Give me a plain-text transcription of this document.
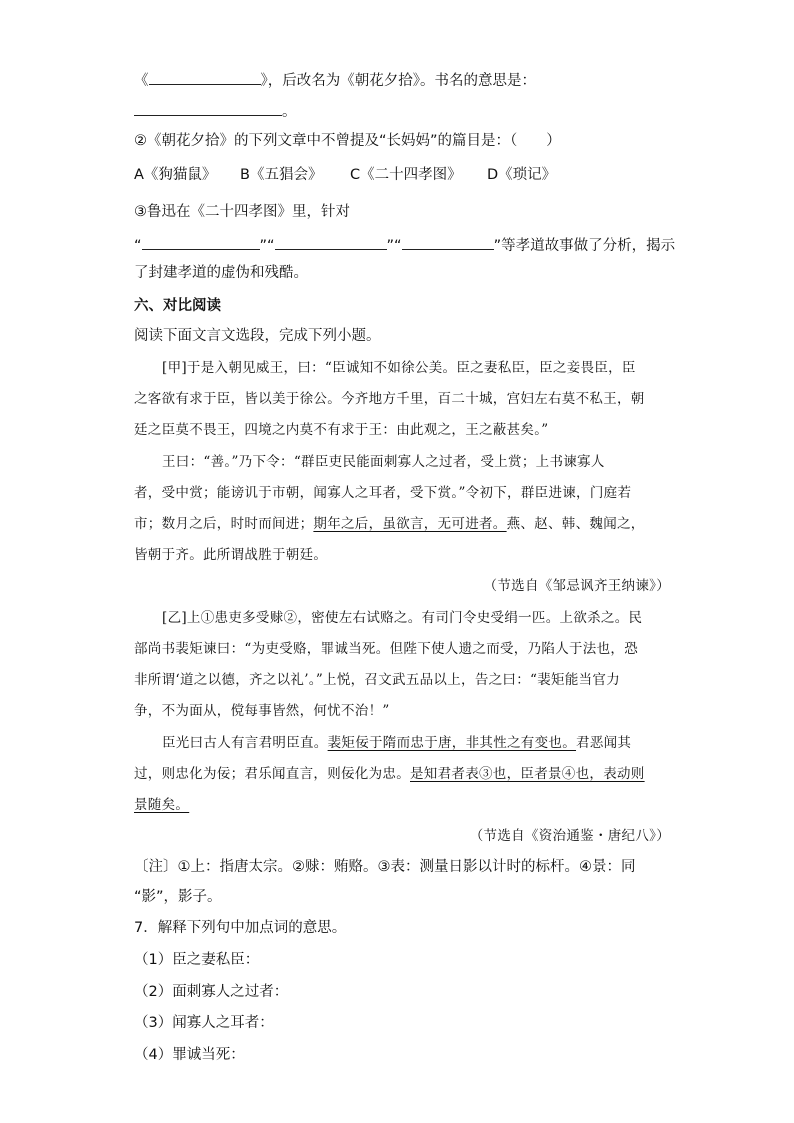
《	》，后改名为《朝花夕拾》。书名的意思是：
。
②《朝花夕拾》的下列文章中不曾提及“长妈妈”的篇目是：（　　）
A《狗猫鼠》 B《五猖会》 C《二十四孝图》 D《琐记》
③鲁迅在《二十四孝图》里，针对
“	”“	”“	”等孝道故事做了分析，揭示
了封建孝道的虚伪和残酷。
六、对比阅读
阅读下面文言文选段，完成下列小题。
[甲]于是入朝见威王，曰：“臣诚知不如徐公美。臣之妻私臣，臣之妾畏臣，臣
之客欲有求于臣，皆以美于徐公。今齐地方千里，百二十城，宫妇左右莫不私王，朝
廷之臣莫不畏王，四境之内莫不有求于王：由此观之，王之蔽甚矣。”
王曰：“善。”乃下令：“群臣吏民能面刺寡人之过者，受上赏；上书谏寡人
者，受中赏；能谤讥于市朝，闻寡人之耳者，受下赏。”令初下，群臣进谏，门庭若
市；数月之后，时时而间进；期年之后，虽欲言，无可进者。燕、赵、韩、魏闻之，
皆朝于齐。此所谓战胜于朝廷。
（节选自《邹忌讽齐王纳谏》）
[乙]上①患吏多受赇②，密使左右试赂之。有司门令史受绢一匹。上欲杀之。民
部尚书裴矩谏曰：“为吏受赂，罪诚当死。但陛下使人遗之而受，乃陷人于法也，恐
非所谓‘道之以德，齐之以礼’。”上悦，召文武五品以上，告之曰：“裴矩能当官力
争，不为面从，傥每事皆然，何忧不治！”
臣光曰古人有言君明臣直。裴矩佞于隋而忠于唐，非其性之有变也。君恶闻其
过，则忠化为佞；君乐闻直言，则佞化为忠。是知君者表③也，臣者景④也，表动则
景随矣。
（节选自《资治通鉴・唐纪八》）
〔注〕①上：指唐太宗。②赇：贿赂。③表：测量日影以计时的标杆。④景：同
“影”，影子。
7．解释下列句中加点词的意思。
（1）臣之妻私臣：
（2）面刺寡人之过者：
（3）闻寡人之耳者：
（4）罪诚当死：
